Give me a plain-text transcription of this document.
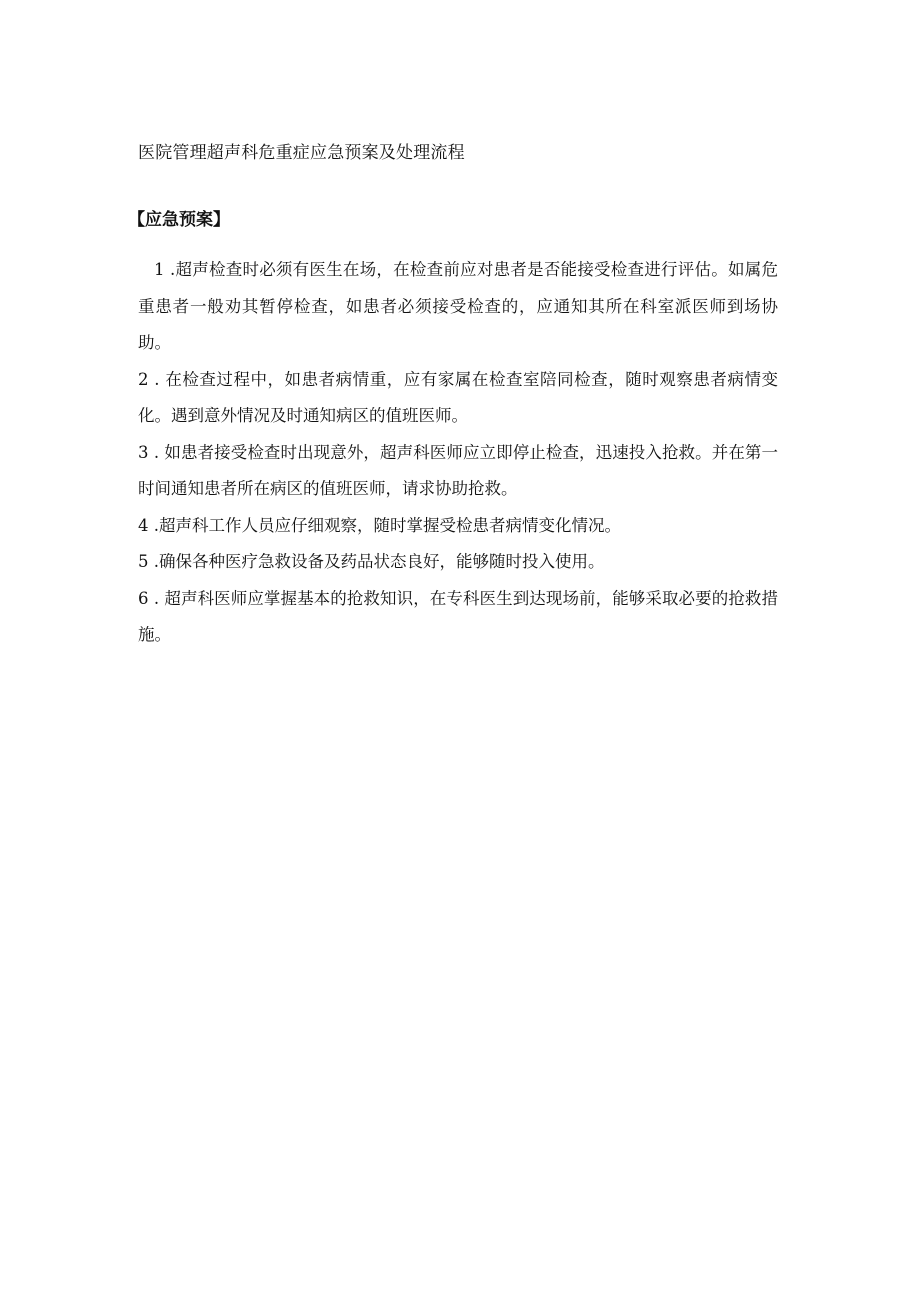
医院管理超声科危重症应急预案及处理流程
【应急预案】
1 .超声检查时必须有医生在场，在检查前应对患者是否能接受检查进行评估。如属危重患者一般劝其暂停检查，如患者必须接受检查的，应通知其所在科室派医师到场协助。
2 . 在检查过程中，如患者病情重，应有家属在检查室陪同检查，随时观察患者病情变化。遇到意外情况及时通知病区的值班医师。
3 . 如患者接受检查时出现意外，超声科医师应立即停止检查，迅速投入抢救。并在第一时间通知患者所在病区的值班医师，请求协助抢救。
4 .超声科工作人员应仔细观察，随时掌握受检患者病情变化情况。
5 .确保各种医疗急救设备及药品状态良好，能够随时投入使用。
6 . 超声科医师应掌握基本的抢救知识，在专科医生到达现场前，能够采取必要的抢救措施。
